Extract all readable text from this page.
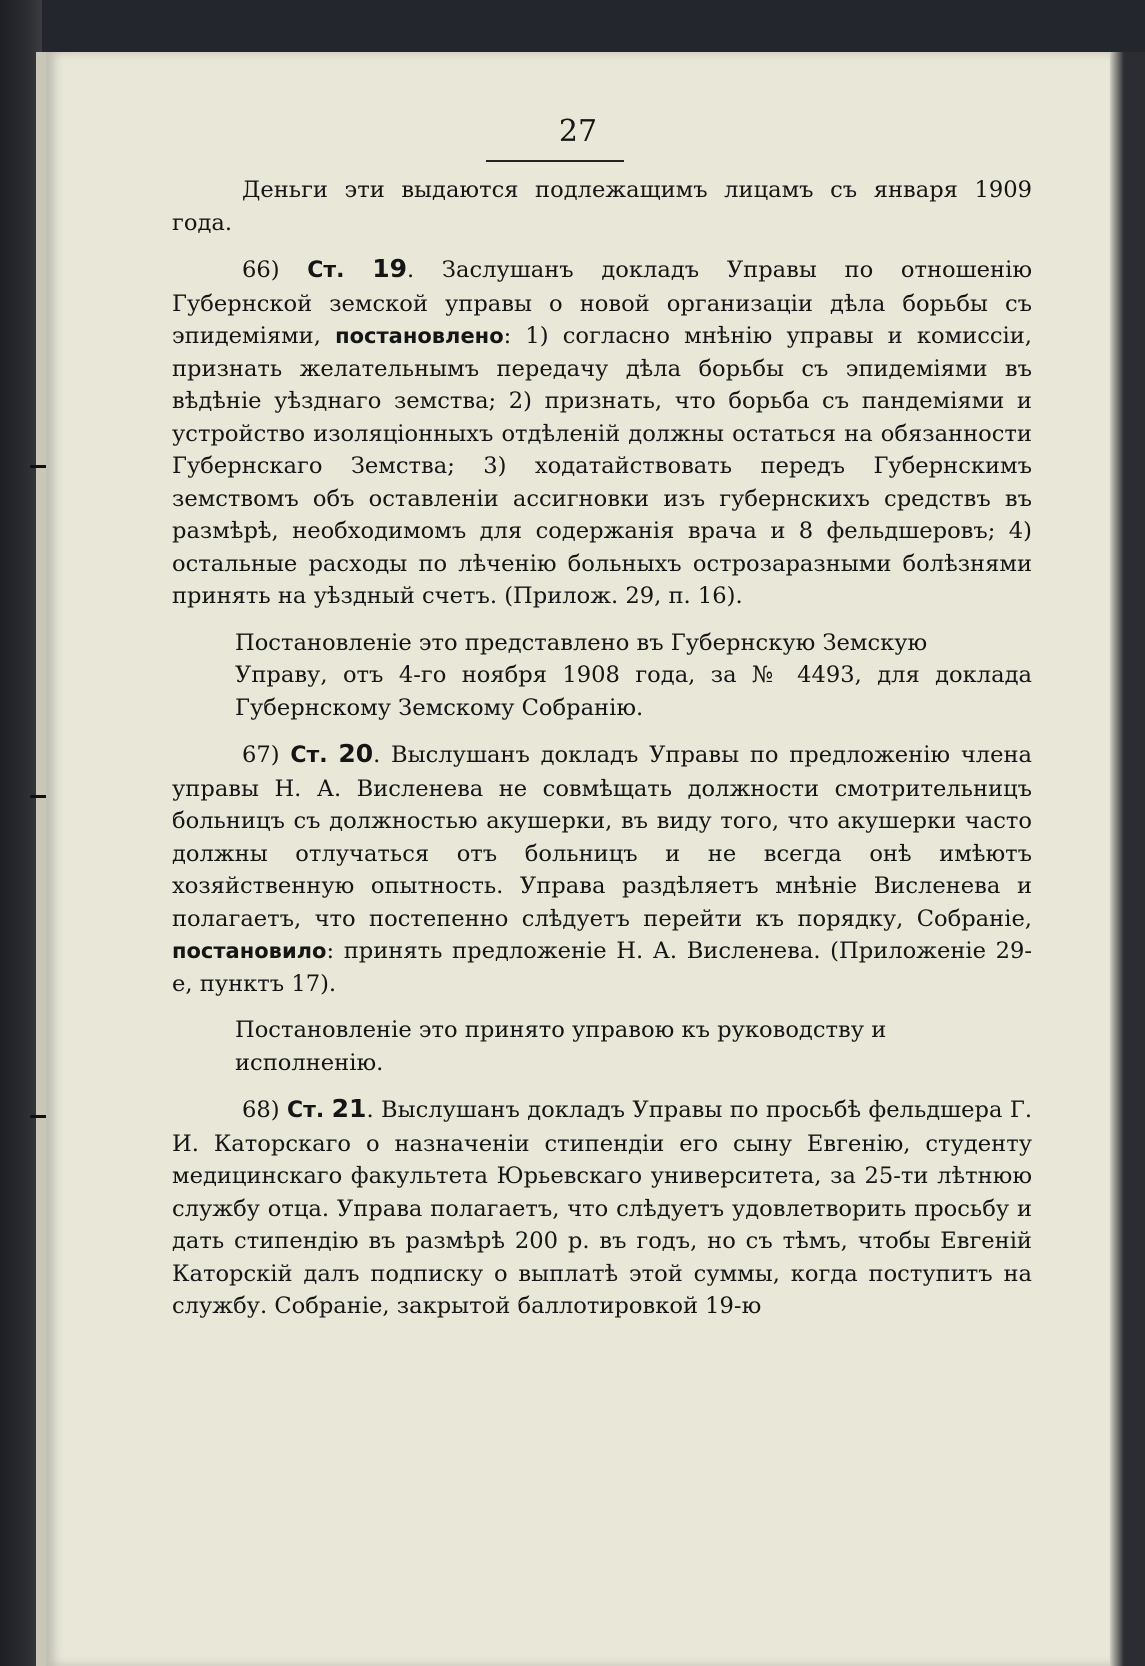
27

Деньги эти выдаются подлежащимъ лицамъ съ января 1909 года.

66) Ст. 19. Заслушанъ докладъ Управы по отношенію Губернской земской управы о новой организаціи дѣла борьбы съ эпидеміями, постановлено: 1) согласно мнѣнію управы и комиссіи, признать желательнымъ передачу дѣла борьбы съ эпидеміями въ вѣдѣніе уѣзднаго земства; 2) признать, что борьба съ пандеміями и устройство изоляціонныхъ отдѣленій должны остаться на обязанности Губернскаго Земства; 3) ходатайствовать передъ Губернскимъ земствомъ объ оставленіи ассигновки изъ губернскихъ средствъ въ размѣрѣ, необходимомъ для содержанія врача и 8 фельдшеровъ; 4) остальные расходы по лѣченію больныхъ острозаразными болѣзнями принять на уѣздный счетъ. (Прилож. 29, п. 16).

Постановленіе это представлено въ Губернскую Земскую

Управу, отъ 4-го ноября 1908 года, за № 4493, для доклада Губернскому Земскому Собранію.

67) Ст. 20. Выслушанъ докладъ Управы по предложенію члена управы Н. А. Висленева не совмѣщать должности смотрительницъ больницъ съ должностью акушерки, въ виду того, что акушерки часто должны отлучаться отъ больницъ и не всегда онѣ имѣютъ хозяйственную опытность. Управа раздѣляетъ мнѣніе Висленева и полагаетъ, что постепенно слѣдуетъ перейти къ порядку, Собраніе, постановило: принять предложеніе Н. А. Висленева. (Приложеніе 29-е, пунктъ 17).

Постановленіе это принято управою къ руководству и

исполненію.

68) Ст. 21. Выслушанъ докладъ Управы по просьбѣ фельдшера Г. И. Каторскаго о назначеніи стипендіи его сыну Евгенію, студенту медицинскаго факультета Юрьевскаго университета, за 25-ти лѣтнюю службу отца. Управа полагаетъ, что слѣдуетъ удовлетворить просьбу и дать стипендію въ размѣрѣ 200 р. въ годъ, но съ тѣмъ, чтобы Евгеній Каторскій далъ подписку о выплатѣ этой суммы, когда поступитъ на службу. Собраніе, закрытой баллотировкой 19-ю
